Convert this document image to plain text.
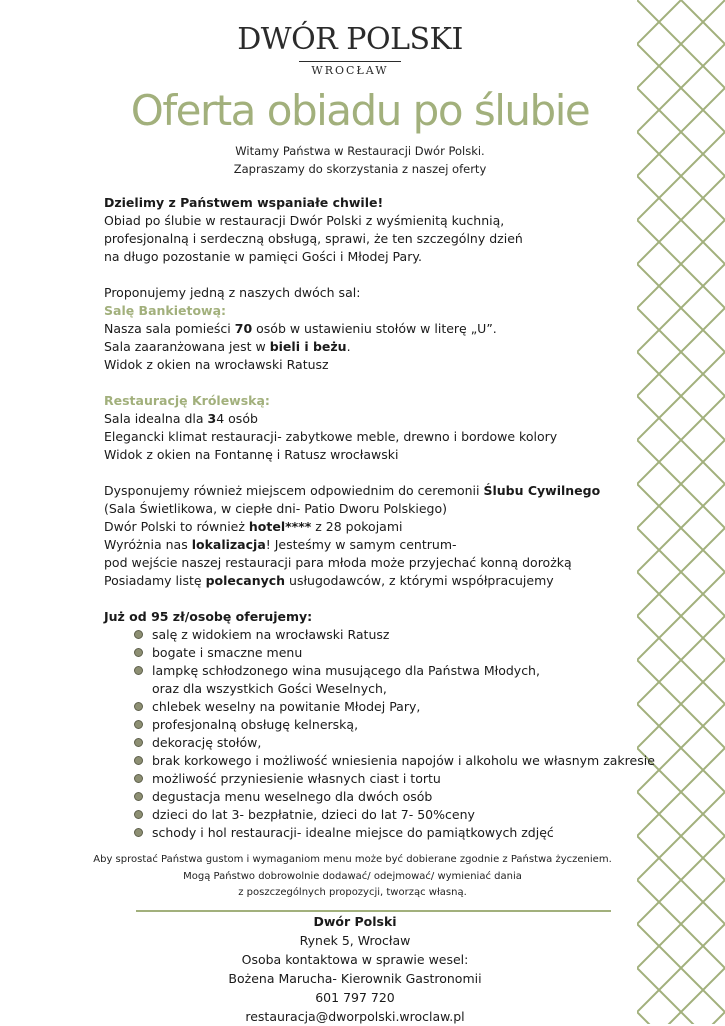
DWÓR POLSKI
WROCŁAW
Oferta obiadu po ślubie
Witamy Państwa w Restauracji Dwór Polski.
Zapraszamy do skorzystania z naszej oferty
Dzielimy z Państwem wspaniałe chwile!
Obiad po ślubie w restauracji Dwór Polski z wyśmienitą kuchnią,
profesjonalną i serdeczną obsługą, sprawi, że ten szczególny dzień
na długo pozostanie w pamięci Gości i Młodej Pary.
Proponujemy jedną z naszych dwóch sal:
Salę Bankietową:
Nasza sala pomieści 70 osób w ustawieniu stołów w literę „U”.
Sala zaaranżowana jest w bieli i beżu.
Widok z okien na wrocławski Ratusz
Restaurację Królewską:
Sala idealna dla 34 osób
Elegancki klimat restauracji- zabytkowe meble, drewno i bordowe kolory
Widok z okien na Fontannę i Ratusz wrocławski
Dysponujemy również miejscem odpowiednim do ceremonii Ślubu Cywilnego
(Sala Świetlikowa, w ciepłe dni- Patio Dworu Polskiego)
Dwór Polski to również hotel**** z 28 pokojami
Wyróżnia nas lokalizacja! Jesteśmy w samym centrum-
pod wejście naszej restauracji para młoda może przyjechać konną dorożką
Posiadamy listę polecanych usługodawców, z którymi współpracujemy
Już od 95 zł/osobę oferujemy:
salę z widokiem na wrocławski Ratusz
bogate i smaczne menu
lampkę schłodzonego wina musującego dla Państwa Młodych,
oraz dla wszystkich Gości Weselnych,
chlebek weselny na powitanie Młodej Pary,
profesjonalną obsługę kelnerską,
dekorację stołów,
brak korkowego i możliwość wniesienia napojów i alkoholu we własnym zakresie
możliwość przyniesienie własnych ciast i tortu
degustacja menu weselnego dla dwóch osób
dzieci do lat 3- bezpłatnie, dzieci do lat 7- 50%ceny
schody i hol restauracji- idealne miejsce do pamiątkowych zdjęć
Aby sprostać Państwa gustom i wymaganiom menu może być dobierane zgodnie z Państwa życzeniem.
Mogą Państwo dobrowolnie dodawać/ odejmować/ wymieniać dania
z poszczególnych propozycji, tworząc własną.
Dwór Polski
Rynek 5, Wrocław
Osoba kontaktowa w sprawie wesel:
Bożena Marucha- Kierownik Gastronomii
601 797 720
restauracja@dworpolski.wroclaw.pl
